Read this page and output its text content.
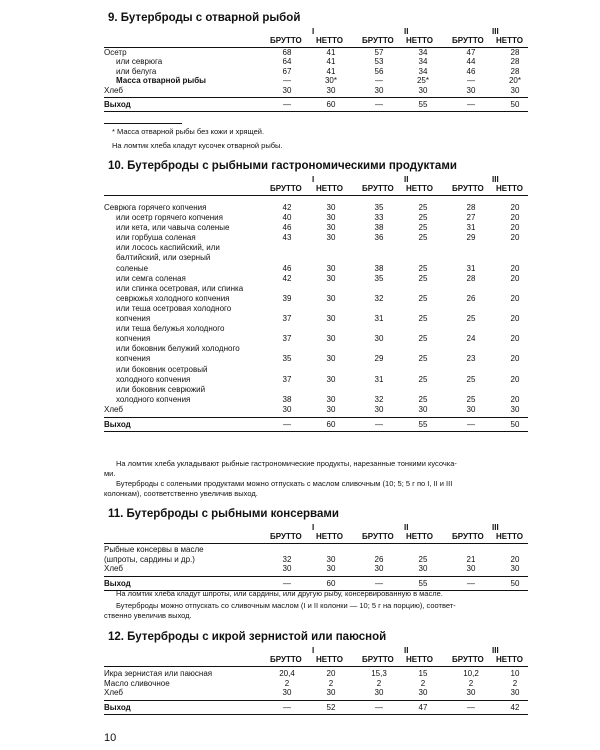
9. Бутерброды с отварной рыбой
I	II	III
БРУТТО НЕТТО БРУТТО НЕТТО БРУТТО НЕТТО
Осетр	68	41	57	34	47	28
или севрюга	64	41	53	34	44	28
или белуга	67	41	56	34	46	28
Масса отварной рыбы	—	30*	—	25*	—	20*
Хлеб	30	30	30	30	30	30
Выход	—	60	—	55	—	50
* Масса отварной рыбы без кожи и хрящей.
На ломтик хлеба кладут кусочек отварной рыбы.
10. Бутерброды с рыбными гастрономическими продуктами
I	II	III
БРУТТО НЕТТО БРУТТО НЕТТО БРУТТО НЕТТО
Севрюга горячего копчения	42	30	35	25	28	20
или осетр горячего копчения	40	30	33	25	27	20
или кета, или чавыча соленые	46	30	38	25	31	20
или горбуша соленая	43	30	36	25	29	20
или лосось каспийский, или
балтийский, или озерный
соленые	46	30	38	25	31	20
или семга соленая	42	30	35	25	28	20
или спинка осетровая, или спинка
севрюжья холодного копчения	39	30	32	25	26	20
или теша осетровая холодного
копчения	37	30	31	25	25	20
или теша белужья холодного
копчения	37	30	30	25	24	20
или боковник белужий холодного
копчения	35	30	29	25	23	20
или боковник осетровый
холодного копчения	37	30	31	25	25	20
или боковник севрюжий
холодного копчения	38	30	32	25	25	20
Хлеб	30	30	30	30	30	30
Выход	—	60	—	55	—	50
На ломтик хлеба укладывают рыбные гастрономические продукты, нарезанные тонкими кусочка-
ми.
Бутерброды с солеными продуктами можно отпускать с маслом сливочным (10; 5; 5 г по I, II и III
колонкам), соответственно увеличив выход.
11. Бутерброды с рыбными консервами
I	II	III
БРУТТО НЕТТО БРУТТО НЕТТО БРУТТО НЕТТО
Рыбные консервы в масле
(шпроты, сардины и др.)	32	30	26	25	21	20
Хлеб	30	30	30	30	30	30
Выход	—	60	—	55	—	50
На ломтик хлеба кладут шпроты, или сардины, или другую рыбу, консервированную в масле.
Бутерброды можно отпускать со сливочным маслом (I и II колонки — 10; 5 г на порцию), соответ-
ственно увеличив выход.
12. Бутерброды с икрой зернистой или паюсной
I	II	III
БРУТТО НЕТТО БРУТТО НЕТТО БРУТТО НЕТТО
Икра зернистая или паюсная	20,4	20	15,3	15	10,2	10
Масло сливочное	2	2	2	2	2	2
Хлеб	30	30	30	30	30	30
Выход	—	52	—	47	—	42
10
